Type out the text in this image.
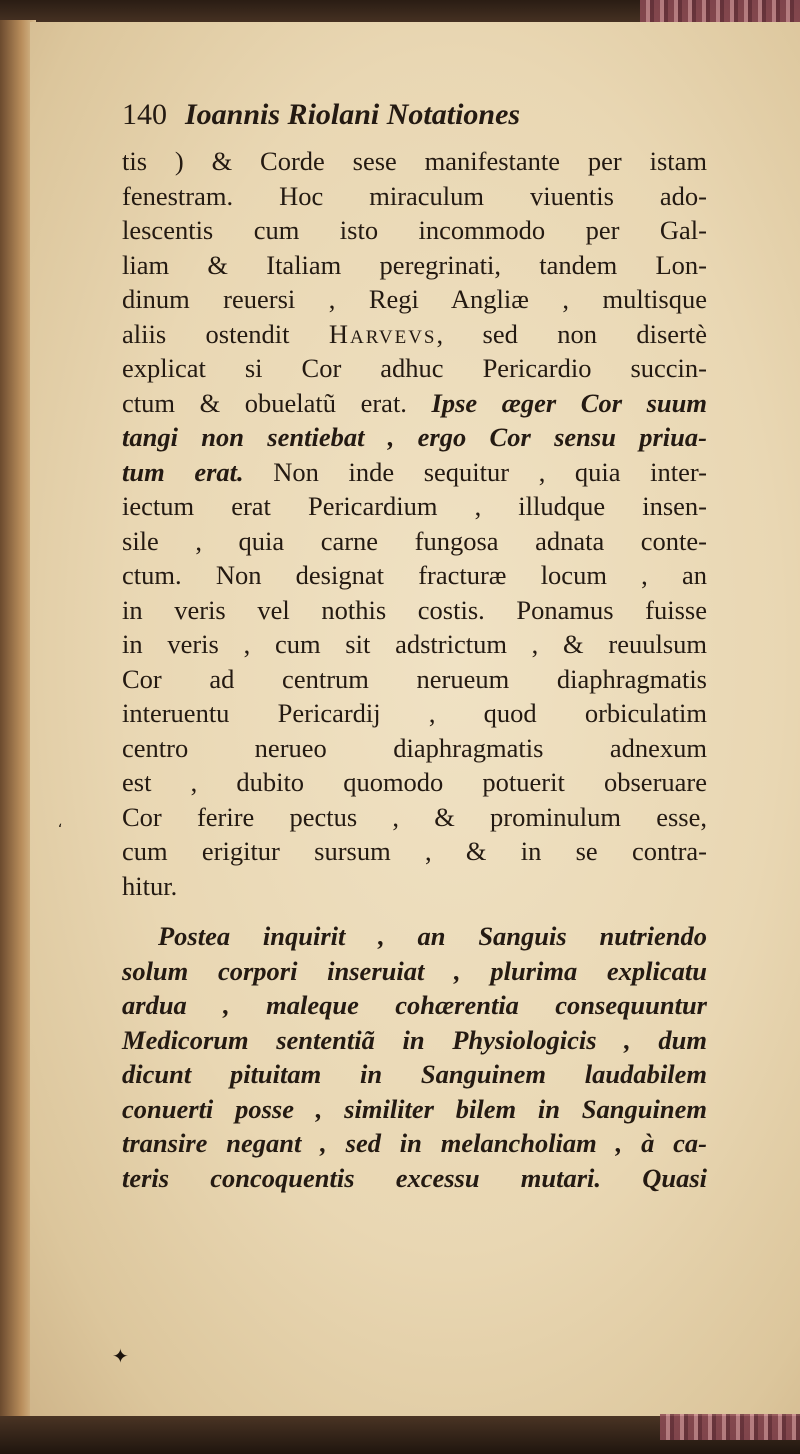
ʻ
✦
140 Ioannis Riolani Notationes
tis ) & Corde sese manifestante per istam
fenestram. Hoc miraculum viuentis ado-
lescentis cum isto incommodo per Gal-
liam & Italiam peregrinati, tandem Lon-
dinum reuersi , Regi Angliæ , multisque
aliis ostendit Harvevs, sed non disertè
explicat si Cor adhuc Pericardio succin-
ctum & obuelatũ erat. Ipse æger Cor suum
tangi non sentiebat , ergo Cor sensu priua-
tum erat. Non inde sequitur , quia inter-
iectum erat Pericardium , illudque insen-
sile , quia carne fungosa adnata conte-
ctum. Non designat fracturæ locum , an
in veris vel nothis costis. Ponamus fuisse
in veris , cum sit adstrictum , & reuulsum
Cor ad centrum nerueum diaphragmatis
interuentu Pericardij , quod orbiculatim
centro nerueo diaphragmatis adnexum
est , dubito quomodo potuerit obseruare
Cor ferire pectus , & prominulum esse,
cum erigitur sursum , & in se contra-
hitur.
Postea inquirit , an Sanguis nutriendo
solum corpori inseruiat , plurima explicatu
ardua , maleque cohærentia consequuntur
Medicorum sententiã in Physiologicis , dum
dicunt pituitam in Sanguinem laudabilem
conuerti posse , similiter bilem in Sanguinem
transire negant , sed in melancholiam , à ca-
teris concoquentis excessu mutari. Quasi
